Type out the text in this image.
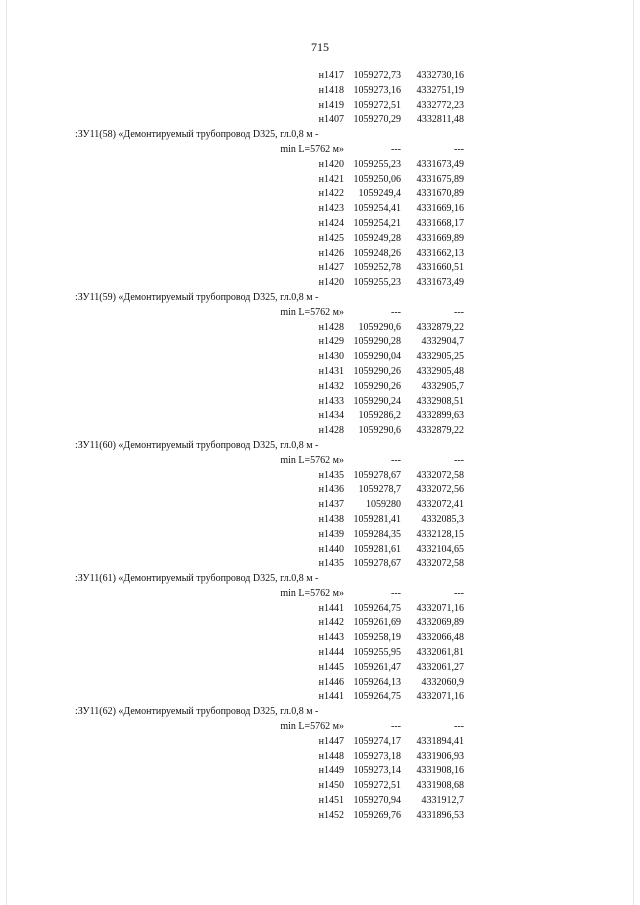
715
н1417 1059272,73	4332730,16
н1418 1059273,16	4332751,19
н1419 1059272,51	4332772,23
н1407 1059270,29	4332811,48
:ЗУ11(58) «Демонтируемый трубопровод D325, гл.0,8 м -
min L=5762 м»	---	---
н1420 1059255,23	4331673,49
н1421 1059250,06	4331675,89
н1422	1059249,4	4331670,89
н1423 1059254,41	4331669,16
н1424 1059254,21	4331668,17
н1425 1059249,28	4331669,89
н1426 1059248,26	4331662,13
н1427 1059252,78	4331660,51
н1420 1059255,23	4331673,49
:ЗУ11(59) «Демонтируемый трубопровод D325, гл.0,8 м -
min L=5762 м»	---	---
н1428	1059290,6	4332879,22
н1429 1059290,28	4332904,7
н1430 1059290,04	4332905,25
н1431 1059290,26	4332905,48
н1432 1059290,26	4332905,7
н1433 1059290,24	4332908,51
н1434	1059286,2	4332899,63
н1428	1059290,6	4332879,22
:ЗУ11(60) «Демонтируемый трубопровод D325, гл.0,8 м -
min L=5762 м»	---	---
н1435 1059278,67	4332072,58
н1436	1059278,7	4332072,56
н1437	1059280	4332072,41
н1438 1059281,41	4332085,3
н1439 1059284,35	4332128,15
н1440 1059281,61	4332104,65
н1435 1059278,67	4332072,58
:ЗУ11(61) «Демонтируемый трубопровод D325, гл.0,8 м -
min L=5762 м»	---	---
н1441 1059264,75	4332071,16
н1442 1059261,69	4332069,89
н1443 1059258,19	4332066,48
н1444 1059255,95	4332061,81
н1445 1059261,47	4332061,27
н1446 1059264,13	4332060,9
н1441 1059264,75	4332071,16
:ЗУ11(62) «Демонтируемый трубопровод D325, гл.0,8 м -
min L=5762 м»	---	---
н1447 1059274,17	4331894,41
н1448 1059273,18	4331906,93
н1449 1059273,14	4331908,16
н1450 1059272,51	4331908,68
н1451 1059270,94	4331912,7
н1452 1059269,76	4331896,53
